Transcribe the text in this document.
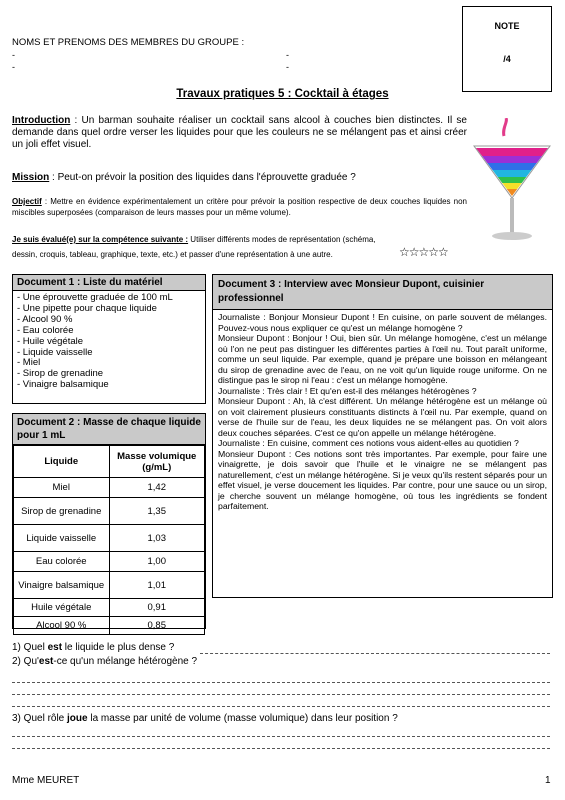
NOMS ET PRENOMS DES MEMBRES DU GROUPE :
-	-
-	-
NOTE
/4
Travaux pratiques 5 : Cocktail à étages
Introduction : Un barman souhaite réaliser un cocktail sans alcool à couches bien distinctes. Il se demande dans quel ordre verser les liquides pour que les couleurs ne se mélangent pas et ainsi créer un joli effet visuel.
Mission : Peut-on prévoir la position des liquides dans l'éprouvette graduée ?
Objectif : Mettre en évidence expérimentalement un critère pour prévoir la position respective de deux couches liquides non miscibles superposées (comparaison de leurs masses pour un même volume).
Je suis évalué(e) sur la compétence suivante : Utiliser différents modes de représentation (schéma, dessin, croquis, tableau, graphique, texte, etc.) et passer d'une représentation à une autre.	☆☆☆☆☆
Document 1 : Liste du matériel
- Une éprouvette graduée de 100 mL
- Une pipette pour chaque liquide
- Alcool 90 %
- Eau colorée
- Huile végétale
- Liquide vaisselle
- Miel
- Sirop de grenadine
- Vinaigre balsamique
Document 2 : Masse de chaque liquide pour 1 mL
Liquide	Masse volumique (g/mL)
Miel	1,42
Sirop de grenadine	1,35
Liquide vaisselle	1,03
Eau colorée	1,00
Vinaigre balsamique	1,01
Huile végétale	0,91
Alcool 90 %	0,85
Document 3 : Interview avec Monsieur Dupont, cuisinier professionnel
Journaliste : Bonjour Monsieur Dupont ! En cuisine, on parle souvent de mélanges. Pouvez-vous nous expliquer ce qu'est un mélange homogène ?
Monsieur Dupont : Bonjour ! Oui, bien sûr. Un mélange homogène, c'est un mélange où l'on ne peut pas distinguer les différentes parties à l'œil nu. Tout paraît uniforme, comme un seul liquide. Par exemple, quand je prépare une boisson en mélangeant du sirop de grenadine avec de l'eau, on ne voit qu'un liquide rouge uniforme. On ne distingue pas le sirop ni l'eau : c'est un mélange homogène.
Journaliste : Très clair ! Et qu'en est-il des mélanges hétérogènes ?
Monsieur Dupont : Ah, là c'est différent. Un mélange hétérogène est un mélange où on voit clairement plusieurs constituants distincts à l'œil nu. Par exemple, quand on verse de l'huile sur de l'eau, les deux liquides ne se mélangent pas. On voit alors deux couches séparées. C'est ce qu'on appelle un mélange hétérogène.
Journaliste : En cuisine, comment ces notions vous aident-elles au quotidien ?
Monsieur Dupont : Ces notions sont très importantes. Par exemple, pour faire une vinaigrette, je dois savoir que l'huile et le vinaigre ne se mélangent pas naturellement, c'est un mélange hétérogène. Si je veux qu'ils restent séparés pour un effet visuel, je verse doucement les liquides. Par contre, pour une sauce ou un sirop, je cherche souvent un mélange homogène, où tous les ingrédients se fondent parfaitement.
1) Quel est le liquide le plus dense ?
2) Qu'est-ce qu'un mélange hétérogène ?
3) Quel rôle joue la masse par unité de volume (masse volumique) dans leur position ?
Mme MEURET	1
